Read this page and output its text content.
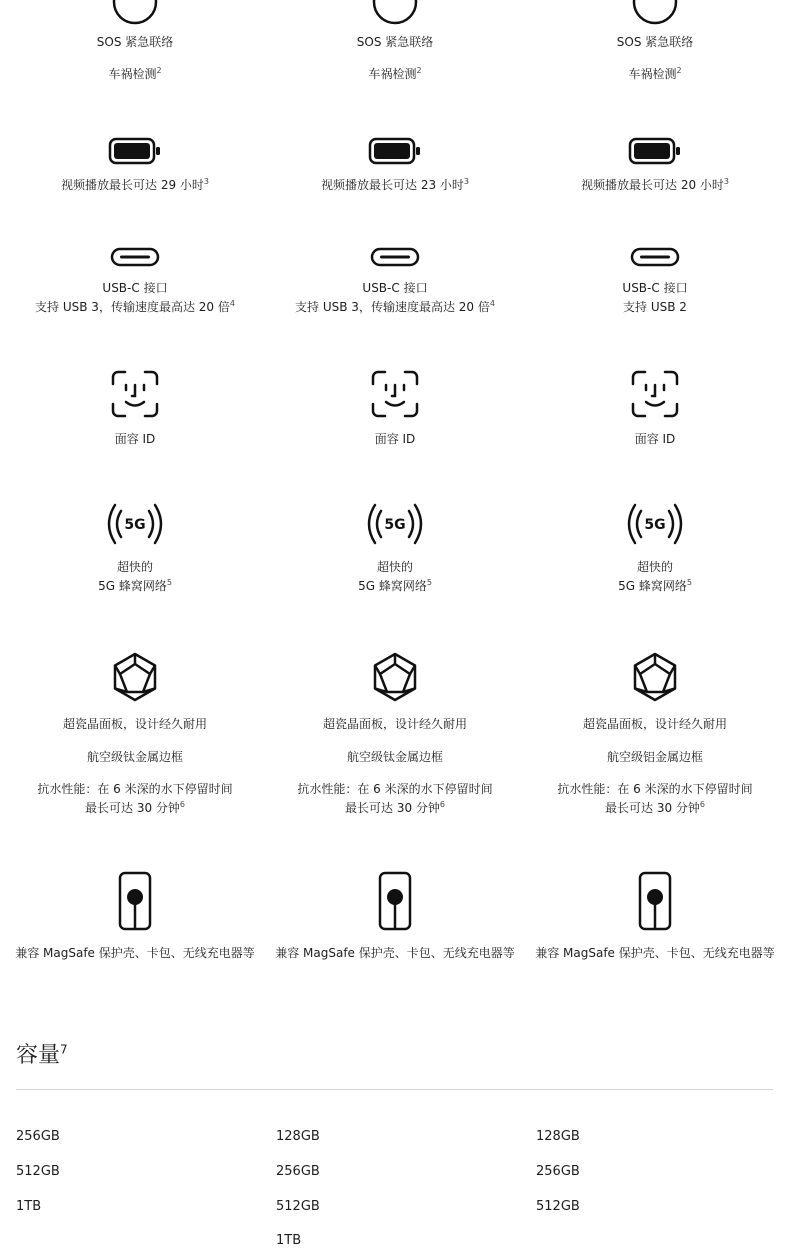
SOS 紧急联络
车祸检测$^2$
视频播放最长可达 29 小时$^3$
USB-C 接口
支持 USB 3，传输速度最高达 20 倍$^4$
面容 ID
5G
超快的
5G 蜂窝网络$^5$
超瓷晶面板，设计经久耐用
航空级钛金属边框
抗水性能：在 6 米深的水下停留时间
最长可达 30 分钟$^6$
兼容 MagSafe 保护壳、卡包、无线充电器等
SOS 紧急联络
车祸检测$^2$
视频播放最长可达 23 小时$^3$
USB-C 接口
支持 USB 3，传输速度最高达 20 倍$^4$
面容 ID
5G
超快的
5G 蜂窝网络$^5$
超瓷晶面板，设计经久耐用
航空级钛金属边框
抗水性能：在 6 米深的水下停留时间
最长可达 30 分钟$^6$
兼容 MagSafe 保护壳、卡包、无线充电器等
SOS 紧急联络
车祸检测$^2$
视频播放最长可达 20 小时$^3$
USB-C 接口
支持 USB 2
面容 ID
5G
超快的
5G 蜂窝网络$^5$
超瓷晶面板，设计经久耐用
航空级铝金属边框
抗水性能：在 6 米深的水下停留时间
最长可达 30 分钟$^6$
兼容 MagSafe 保护壳、卡包、无线充电器等
容量$^7$
256GB
512GB
1TB
128GB
256GB
512GB
1TB
128GB
256GB
512GB
